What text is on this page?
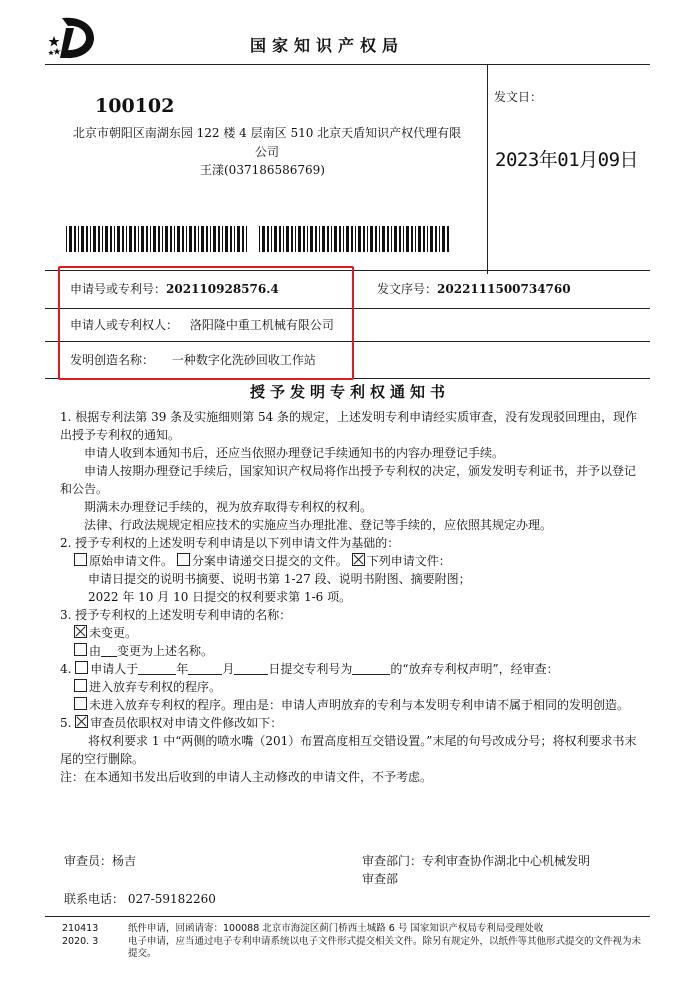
国家知识产权局
100102
北京市朝阳区南湖东园 122 楼 4 层南区 510 北京天盾知识产权代理有限公司
王漾(037186586769)
发文日：
2023年01月09日
申请号或专利号：202110928576.4	发文序号：2022111500734760
申请人或专利权人： 洛阳隆中重工机械有限公司
发明创造名称： 一种数字化洗砂回收工作站
授予发明专利权通知书

1. 根据专利法第 39 条及实施细则第 54 条的规定，上述发明专利申请经实质审查，没有发现驳回理由，现作出授予专利权的通知。

申请人收到本通知书后，还应当依照办理登记手续通知书的内容办理登记手续。

申请人按期办理登记手续后，国家知识产权局将作出授予专利权的决定，颁发发明专利证书，并予以登记和公告。

期满未办理登记手续的，视为放弃取得专利权的权利。

法律、行政法规规定相应技术的实施应当办理批准、登记等手续的，应依照其规定办理。

2. 授予专利权的上述发明专利申请是以下列申请文件为基础的：

原始申请文件。 分案申请递交日提交的文件。 下列申请文件：

申请日提交的说明书摘要、说明书第 1-27 段、说明书附图、摘要附图；

2022 年 10 月 10 日提交的权利要求第 1-6 项。

3. 授予专利权的上述发明专利申请的名称：

未变更。

由 变更为上述名称。

4. 申请人于	年	月	日提交专利号为	的“放弃专利权声明”，经审查：

进入放弃专利权的程序。

未进入放弃专利权的程序。理由是：申请人声明放弃的专利与本发明专利申请不属于相同的发明创造。

5. 审查员依职权对申请文件修改如下：

将权利要求 1 中“两侧的喷水嘴（201）布置高度相互交错设置。”末尾的句号改成分号；将权利要求书末尾的空行删除。

注：在本通知书发出后收到的申请人主动修改的申请文件，不予考虑。

审查员：杨吉
联系电话： 027-59182260
审查部门：专利审查协作湖北中心机械发明
审查部
210413
2020. 3
纸件申请，回函请寄：100088 北京市海淀区蓟门桥西土城路 6 号 国家知识产权局专利局受理处收
电子申请，应当通过电子专利申请系统以电子文件形式提交相关文件。除另有规定外，以纸件等其他形式提交的文件视为未提交。
